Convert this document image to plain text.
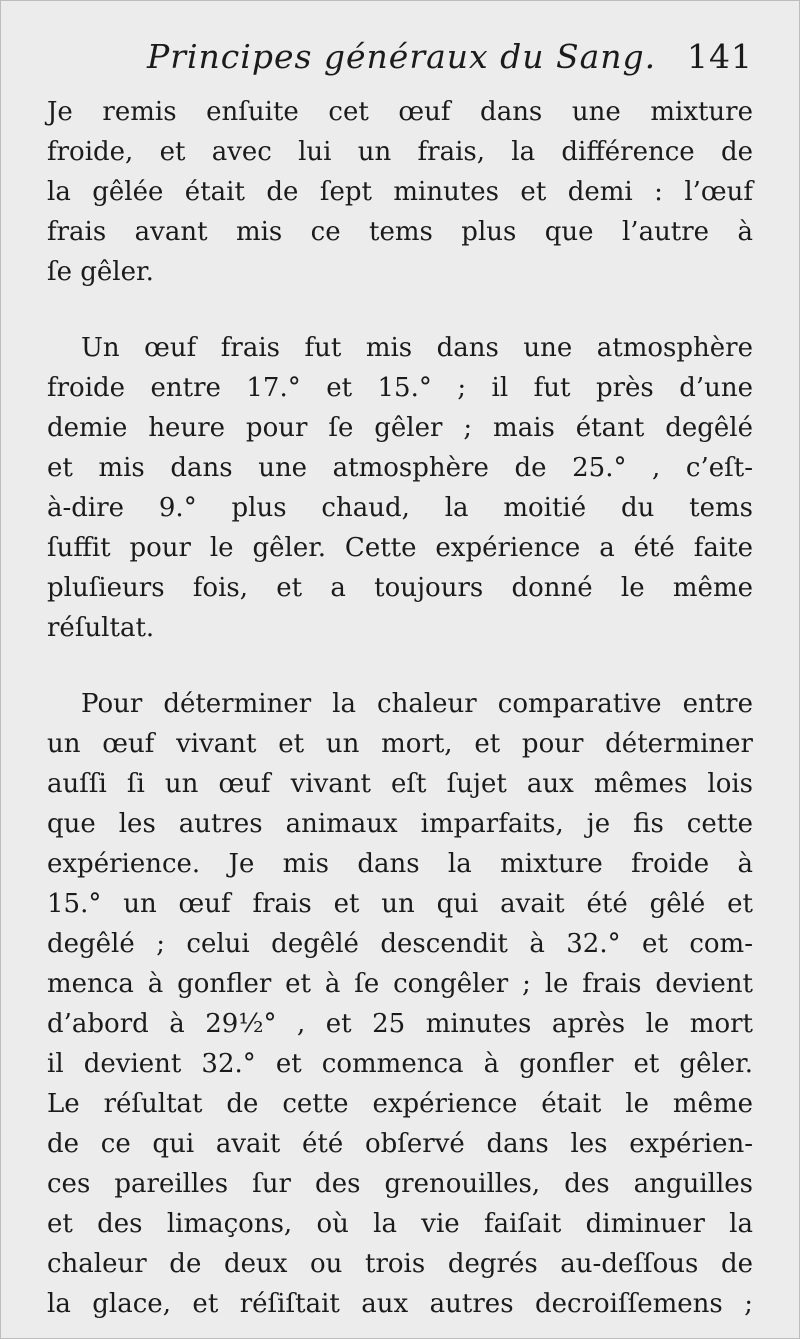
Principes généraux du Sang. 141
Je remis enſuite cet œuf dans une mixture
froide, et avec lui un frais, la différence de
la gêlée était de ſept minutes et demi : l’œuf
frais avant mis ce tems plus que l’autre à
ſe gêler.
Un œuf frais fut mis dans une atmosphère
froide entre 17.° et 15.° ; il fut près d’une
demie heure pour ſe gêler ; mais étant degêlé
et mis dans une atmosphère de 25.° , c’eſt-
à-dire 9.° plus chaud, la moitié du tems
ſuffit pour le gêler. Cette expérience a été faite
pluſieurs fois, et a toujours donné le même
réſultat.
Pour déterminer la chaleur comparative entre
un œuf vivant et un mort, et pour déterminer
auſſi ſi un œuf vivant eſt ſujet aux mêmes lois
que les autres animaux imparfaits, je fis cette
expérience. Je mis dans la mixture froide à
15.° un œuf frais et un qui avait été gêlé et
degêlé ; celui degêlé descendit à 32.° et com-
menca à gonfler et à ſe congêler ; le frais devient
d’abord à 29½° , et 25 minutes après le mort
il devient 32.° et commenca à gonfler et gêler.
Le réſultat de cette expérience était le même
de ce qui avait été obſervé dans les expérien-
ces pareilles ſur des grenouilles, des anguilles
et des limaçons, où la vie faiſait diminuer la
chaleur de deux ou trois degrés au-deſſous de
la glace, et réſiſtait aux autres decroiſſemens ;
